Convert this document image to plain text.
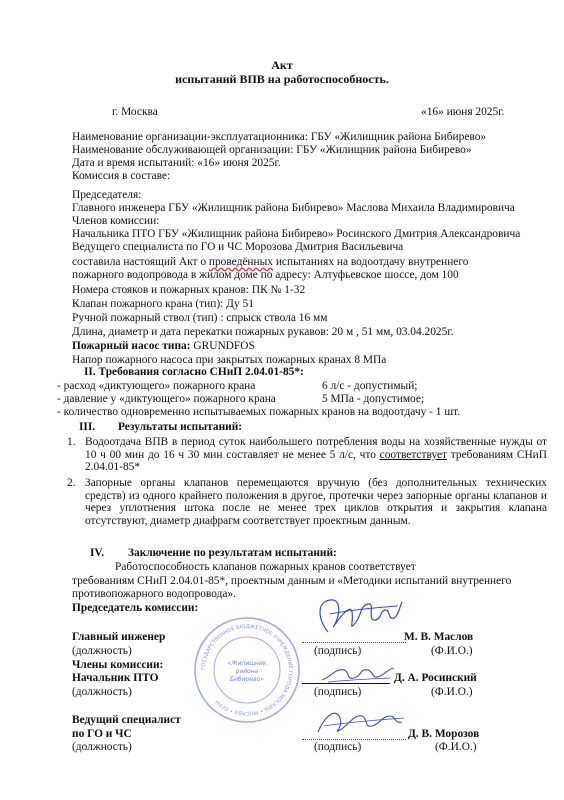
Акт
испытаний ВПВ на работоспособность.
г. Москва	«16» июня 2025г.
Наименование организации-эксплуатационника: ГБУ «Жилищник района Бибирево»
Наименование обслуживающей организации: ГБУ «Жилищник района Бибирево»
Дата и время испытаний: «16» июня 2025г.
Комиссия в составе:
Председателя:
Главного инженера ГБУ «Жилищник района Бибирево» Маслова Михаила Владимировича
Членов комиссии:
Начальника ПТО ГБУ «Жилищник района Бибирево» Росинского Дмитрия Александровича
Ведущего специалиста по ГО и ЧС Морозова Дмитрия Васильевича
составила настоящий Акт о проведённых испытаниях на водоотдачу внутреннего
пожарного водопровода в жилом доме по адресу: Алтуфьевское шоссе, дом 100
Номера стояков и пожарных кранов: ПК № 1-32
Клапан пожарного крана (тип): Ду 51
Ручной пожарный ствол (тип) : спрыск ствола 16 мм
Длина, диаметр и дата перекатки пожарных рукавов: 20 м , 51 мм, 03.04.2025г.
Пожарный насос типа: GRUNDFOS
Напор пожарного насоса при закрытых пожарных кранах 8 МПа
II. Требования согласно СНиП 2.04.01-85*:
- расход «диктующего» пожарного крана	6 л/с - допустимый;
- давление у «диктующего» пожарного крана	5 МПа - допустимое;
- количество одновременно испытываемых пожарных кранов на водоотдачу - 1 шт.
III. Результаты испытаний:
1. Водоотдача ВПВ в период суток наибольшего потребления воды на хозяйственные нужды от 10 ч 00 мин до 16 ч 30 мин составляет не менее 5 л/с, что соответствует требованиям СНиП 2.04.01-85*
2. Запорные органы клапанов перемещаются вручную (без дополнительных технических средств) из одного крайнего положения в другое, протечки через запорные органы клапанов и через уплотнения штока после не менее трех циклов открытия и закрытия клапана отсутствуют, диаметр диафрагм соответствует проектным данным.
IV. Заключение по результатам испытаний:
Работоспособность клапанов пожарных кранов соответствует
требованиям СНиП 2.04.01-85*, проектным данным и «Методики испытаний внутреннего
противопожарного водопровода».
Председатель комиссии:
ГОСУДАРСТВЕННОЕ БЮДЖЕТНОЕ УЧРЕЖДЕНИЕ ГОРОДА МОСКВЫ • МОСКВА • ОГРН
«Жилищник
района
Бибирево»
Главный инженер	М. В. Маслов
(должность)	(подпись)	(Ф.И.О.)
Члены комиссии:
Начальник ПТО	Д. А. Росинский
(должность)	(подпись)	(Ф.И.О.)
Ведущий специалист
по ГО и ЧС	Д. В. Морозов
(должность)	(подпись)	(Ф.И.О.)
